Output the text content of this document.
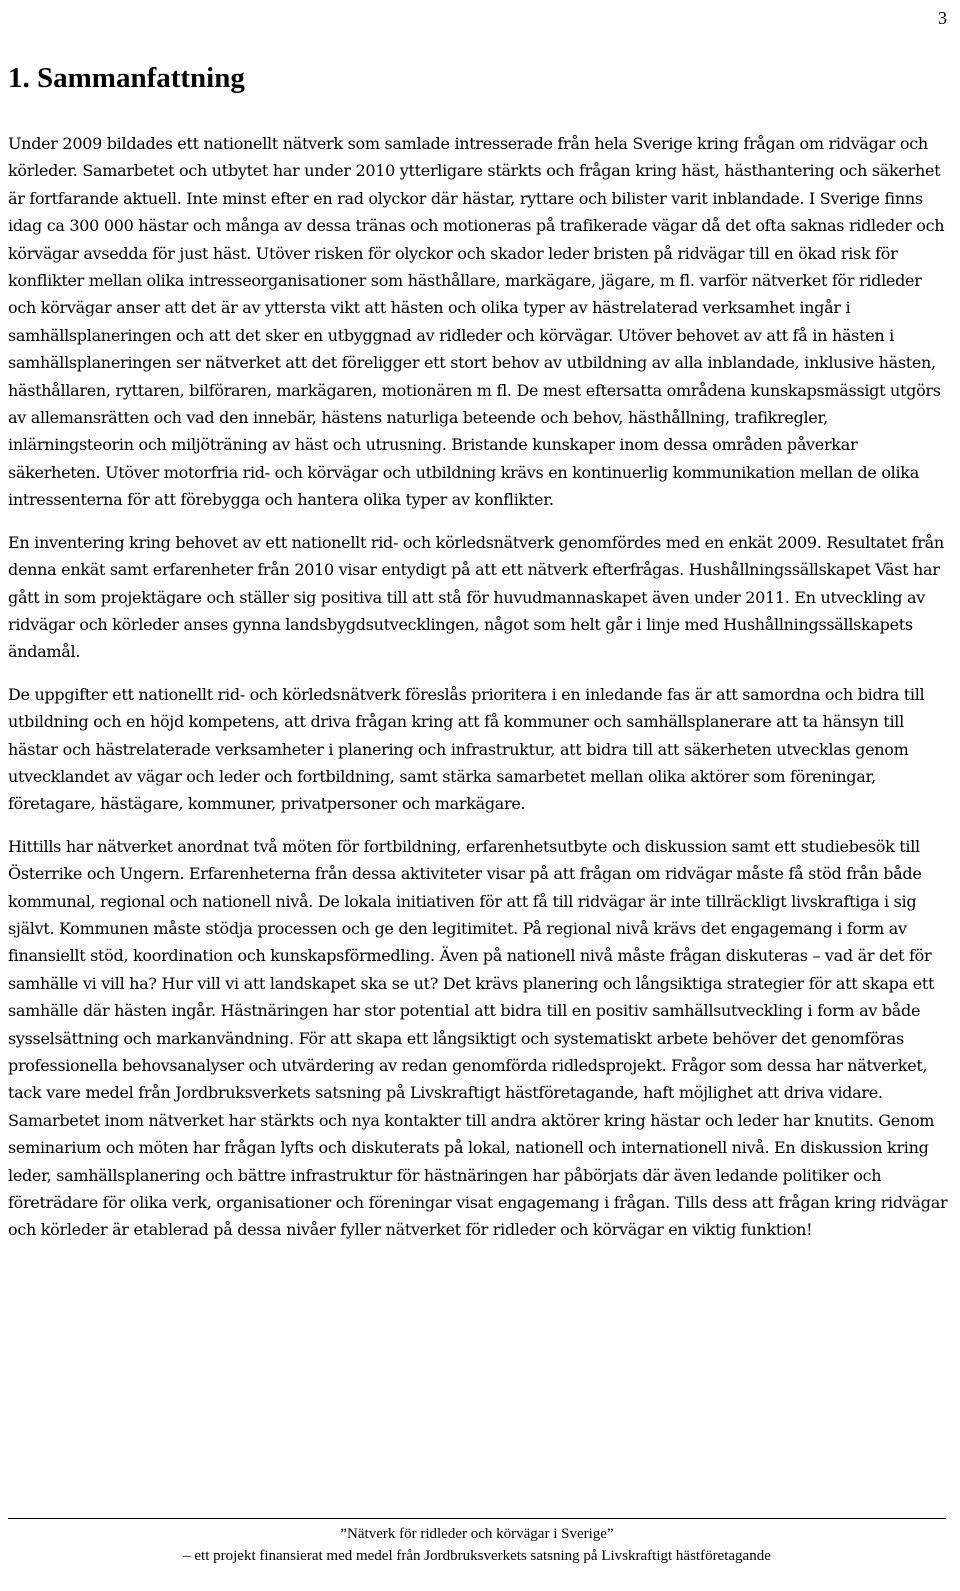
3
1. Sammanfattning

Under 2009 bildades ett nationellt nätverk som samlade intresserade från hela Sverige kring frågan om ridvägar och körleder. Samarbetet och utbytet har under 2010 ytterligare stärkts och frågan kring häst, hästhantering och säkerhet är fortfarande aktuell. Inte minst efter en rad olyckor där hästar, ryttare och bilister varit inblandade. I Sverige finns idag ca 300 000 hästar och många av dessa tränas och motioneras på trafikerade vägar då det ofta saknas ridleder och körvägar avsedda för just häst. Utöver risken för olyckor och skador leder bristen på ridvägar till en ökad risk för konflikter mellan olika intresseorganisationer som hästhållare, markägare, jägare, m fl. varför nätverket för ridleder och körvägar anser att det är av yttersta vikt att hästen och olika typer av hästrelaterad verksamhet ingår i samhällsplaneringen och att det sker en utbyggnad av ridleder och körvägar. Utöver behovet av att få in hästen i samhällsplaneringen ser nätverket att det föreligger ett stort behov av utbildning av alla inblandade, inklusive hästen, hästhållaren, ryttaren, bilföraren, markägaren, motionären m fl. De mest eftersatta områdena kunskapsmässigt utgörs av allemansrätten och vad den innebär, hästens naturliga beteende och behov, hästhållning, trafikregler, inlärningsteorin och miljöträning av häst och utrusning. Bristande kunskaper inom dessa områden påverkar säkerheten. Utöver motorfria rid- och körvägar och utbildning krävs en kontinuerlig kommunikation mellan de olika intressenterna för att förebygga och hantera olika typer av konflikter.

En inventering kring behovet av ett nationellt rid- och körledsnätverk genomfördes med en enkät 2009. Resultatet från denna enkät samt erfarenheter från 2010 visar entydigt på att ett nätverk efterfrågas. Hushållningssällskapet Väst har gått in som projektägare och ställer sig positiva till att stå för huvudmannaskapet även under 2011. En utveckling av ridvägar och körleder anses gynna landsbygdsutvecklingen, något som helt går i linje med Hushållningssällskapets ändamål.

De uppgifter ett nationellt rid- och körledsnätverk föreslås prioritera i en inledande fas är att samordna och bidra till utbildning och en höjd kompetens, att driva frågan kring att få kommuner och samhällsplanerare att ta hänsyn till hästar och hästrelaterade verksamheter i planering och infrastruktur, att bidra till att säkerheten utvecklas genom utvecklandet av vägar och leder och fortbildning, samt stärka samarbetet mellan olika aktörer som föreningar, företagare, hästägare, kommuner, privatpersoner och markägare.

Hittills har nätverket anordnat två möten för fortbildning, erfarenhetsutbyte och diskussion samt ett studiebesök till Österrike och Ungern. Erfarenheterna från dessa aktiviteter visar på att frågan om ridvägar måste få stöd från både kommunal, regional och nationell nivå. De lokala initiativen för att få till ridvägar är inte tillräckligt livskraftiga i sig självt. Kommunen måste stödja processen och ge den legitimitet. På regional nivå krävs det engagemang i form av finansiellt stöd, koordination och kunskapsförmedling. Även på nationell nivå måste frågan diskuteras – vad är det för samhälle vi vill ha? Hur vill vi att landskapet ska se ut? Det krävs planering och långsiktiga strategier för att skapa ett samhälle där hästen ingår. Hästnäringen har stor potential att bidra till en positiv samhällsutveckling i form av både sysselsättning och markanvändning. För att skapa ett långsiktigt och systematiskt arbete behöver det genomföras professionella behovsanalyser och utvärdering av redan genomförda ridledsprojekt. Frågor som dessa har nätverket, tack vare medel från Jordbruksverkets satsning på Livskraftigt hästföretagande, haft möjlighet att driva vidare. Samarbetet inom nätverket har stärkts och nya kontakter till andra aktörer kring hästar och leder har knutits. Genom seminarium och möten har frågan lyfts och diskuterats på lokal, nationell och internationell nivå. En diskussion kring leder, samhällsplanering och bättre infrastruktur för hästnäringen har påbörjats där även ledande politiker och företrädare för olika verk, organisationer och föreningar visat engagemang i frågan. Tills dess att frågan kring ridvägar och körleder är etablerad på dessa nivåer fyller nätverket för ridleder och körvägar en viktig funktion!

”Nätverk för ridleder och körvägar i Sverige”
– ett projekt finansierat med medel från Jordbruksverkets satsning på Livskraftigt hästföretagande
